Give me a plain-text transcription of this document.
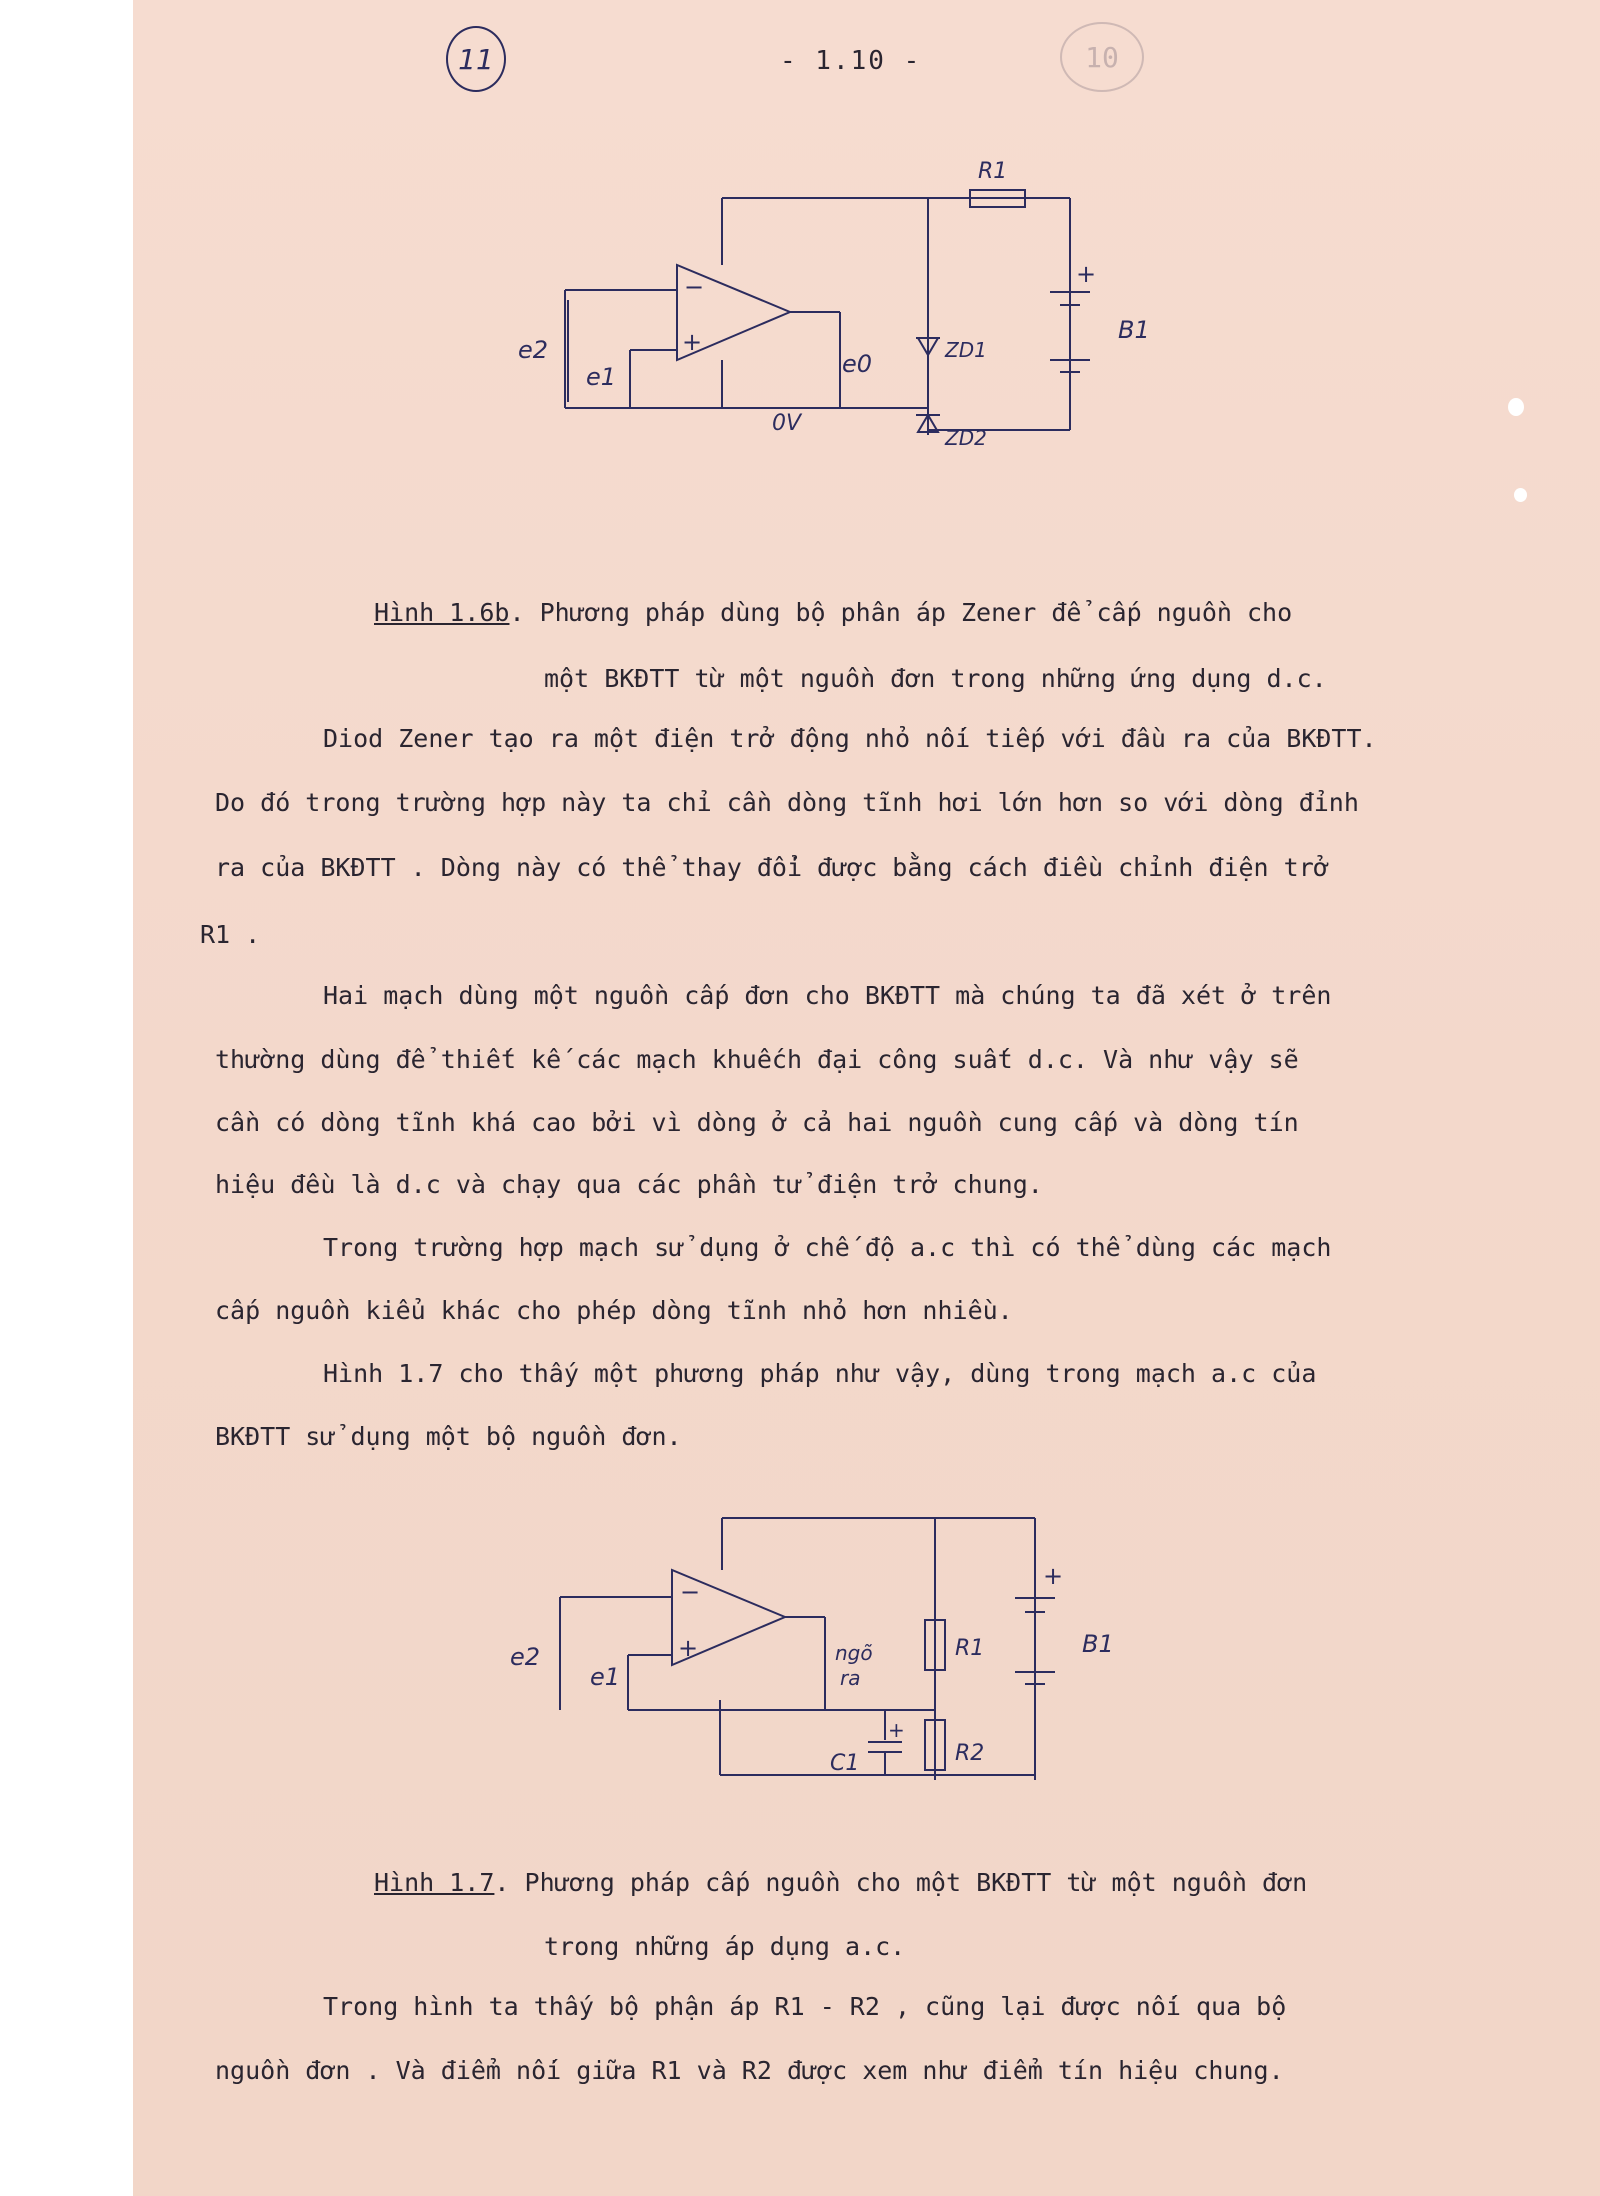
11	10
- 1.10 -
−
+
R1
+
B1
ZD1
ZD2
e2
e1	e0
0V
Hình 1.6b. Phương pháp dùng bộ phân áp Zener để cấp nguồn cho
một BKĐTT từ một nguồn đơn trong những ứng dụng d.c.
Diod Zener tạo ra một điện trở động nhỏ nối tiếp với đầu ra của BKĐTT.
Do đó trong trường hợp này ta chỉ cần dòng tĩnh hơi lớn hơn so với dòng đỉnh
ra của BKĐTT . Dòng này có thể thay đổi được bằng cách điều chỉnh điện trở
R1 .
Hai mạch dùng một nguồn cấp đơn cho BKĐTT mà chúng ta đã xét ở trên
thường dùng để thiết kế các mạch khuếch đại công suất d.c. Và như vậy sẽ
cần có dòng tĩnh khá cao bởi vì dòng ở cả hai nguồn cung cấp và dòng tín
hiệu đều là d.c và chạy qua các phần tử điện trở chung.
Trong trường hợp mạch sử dụng ở chế độ a.c thì có thể dùng các mạch
cấp nguồn kiểu khác cho phép dòng tĩnh nhỏ hơn nhiều.
Hình 1.7 cho thấy một phương pháp như vậy, dùng trong mạch a.c của
BKĐTT sử dụng một bộ nguồn đơn.
−
+
+
B1
R1
R2
C1
+
e2
e1
ngõ
ra
Hình 1.7. Phương pháp cấp nguồn cho một BKĐTT từ một nguồn đơn
trong những áp dụng a.c.
Trong hình ta thấy bộ phận áp R1 - R2 , cũng lại được nối qua bộ
nguồn đơn . Và điểm nối giữa R1 và R2 được xem như điểm tín hiệu chung.
